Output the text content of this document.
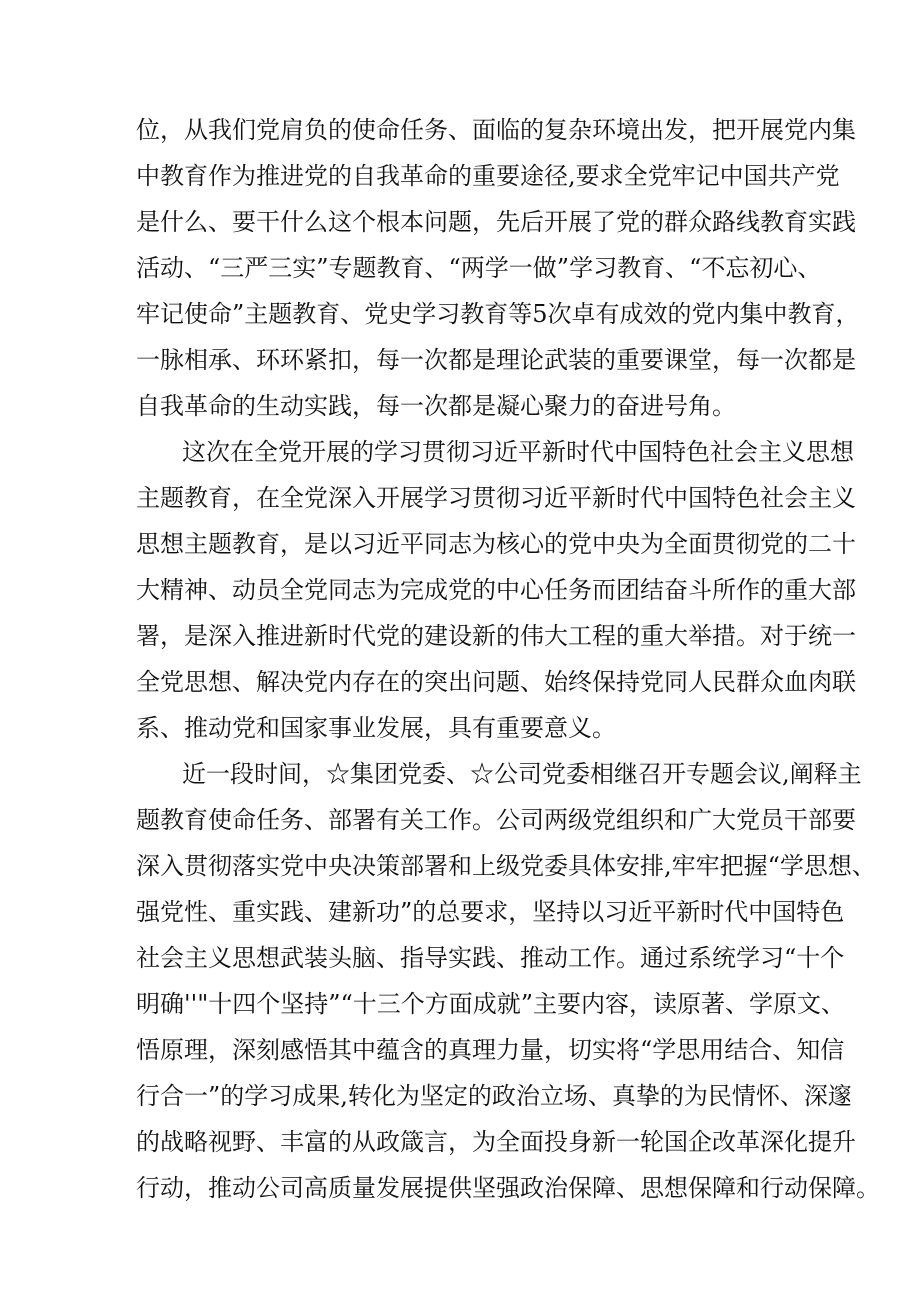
位，从我们党肩负的使命任务、面临的复杂环境出发，把开展党内集
中教育作为推进党的自我革命的重要途径,要求全党牢记中国共产党
是什么、要干什么这个根本问题，先后开展了党的群众路线教育实践
活动、“三严三实”专题教育、“两学一做”学习教育、“不忘初心、
牢记使命”主题教育、党史学习教育等5次卓有成效的党内集中教育，
一脉相承、环环紧扣，每一次都是理论武装的重要课堂，每一次都是
自我革命的生动实践，每一次都是凝心聚力的奋进号角。
这次在全党开展的学习贯彻习近平新时代中国特色社会主义思想
主题教育，在全党深入开展学习贯彻习近平新时代中国特色社会主义
思想主题教育，是以习近平同志为核心的党中央为全面贯彻党的二十
大精神、动员全党同志为完成党的中心任务而团结奋斗所作的重大部
署，是深入推进新时代党的建设新的伟大工程的重大举措。对于统一
全党思想、解决党内存在的突出问题、始终保持党同人民群众血肉联
系、推动党和国家事业发展，具有重要意义。
近一段时间，☆集团党委、☆公司党委相继召开专题会议,阐释主
题教育使命任务、部署有关工作。公司两级党组织和广大党员干部要
深入贯彻落实党中央决策部署和上级党委具体安排,牢牢把握“学思想、
强党性、重实践、建新功”的总要求，坚持以习近平新时代中国特色
社会主义思想武装头脑、指导实践、推动工作。通过系统学习“十个
明确''"十四个坚持”“十三个方面成就”主要内容，读原著、学原文、
悟原理，深刻感悟其中蕴含的真理力量，切实将“学思用结合、知信
行合一”的学习成果,转化为坚定的政治立场、真挚的为民情怀、深邃
的战略视野、丰富的从政箴言，为全面投身新一轮国企改革深化提升
行动，推动公司高质量发展提供坚强政治保障、思想保障和行动保障。
